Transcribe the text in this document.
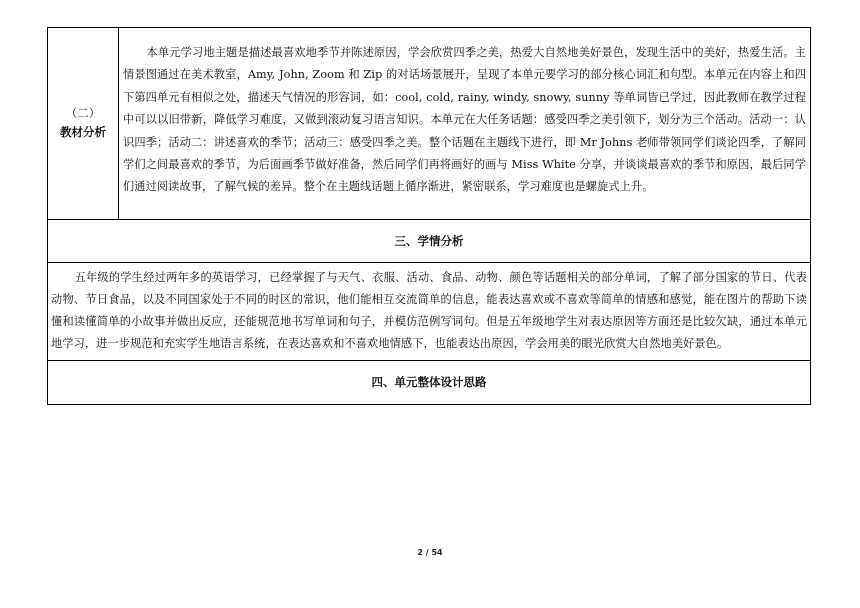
（二）
教材分析

本单元学习地主题是描述最喜欢地季节并陈述原因，学会欣赏四季之美，热爱大自然地美好景色，发现生活中的美好，热爱生活。主情景图通过在美术教室，Amy, John, Zoom 和 Zip 的对话场景展开，呈现了本单元要学习的部分核心词汇和句型。本单元在内容上和四下第四单元有相似之处，描述天气情况的形容词，如：cool, cold, rainy, windy, snowy, sunny 等单词皆已学过，因此教师在教学过程中可以以旧带新，降低学习难度，又做到滚动复习语言知识。本单元在大任务话题：感受四季之美引领下，划分为三个活动。活动一：认识四季；活动二：讲述喜欢的季节；活动三：感受四季之美。整个话题在主题线下进行，即 Mr Johns 老师带领同学们谈论四季，了解同学们之间最喜欢的季节，为后面画季节做好准备，然后同学们再将画好的画与 Miss White 分享，并谈谈最喜欢的季节和原因，最后同学们通过阅读故事，了解气候的差异。整个在主题线话题上循序渐进，紧密联系，学习难度也是螺旋式上升。

三、学情分析

五年级的学生经过两年多的英语学习，已经掌握了与天气、衣服、活动、食品、动物、颜色等话题相关的部分单词，了解了部分国家的节日、代表动物、节日食品，以及不同国家处于不同的时区的常识，他们能相互交流简单的信息，能表达喜欢或不喜欢等简单的情感和感觉，能在图片的帮助下读懂和读懂简单的小故事并做出反应，还能规范地书写单词和句子，并模仿范例写词句。但是五年级地学生对表达原因等方面还是比较欠缺，通过本单元地学习，进一步规范和充实学生地语言系统，在表达喜欢和不喜欢地情感下，也能表达出原因，学会用美的眼光欣赏大自然地美好景色。

四、单元整体设计思路
2 / 54
